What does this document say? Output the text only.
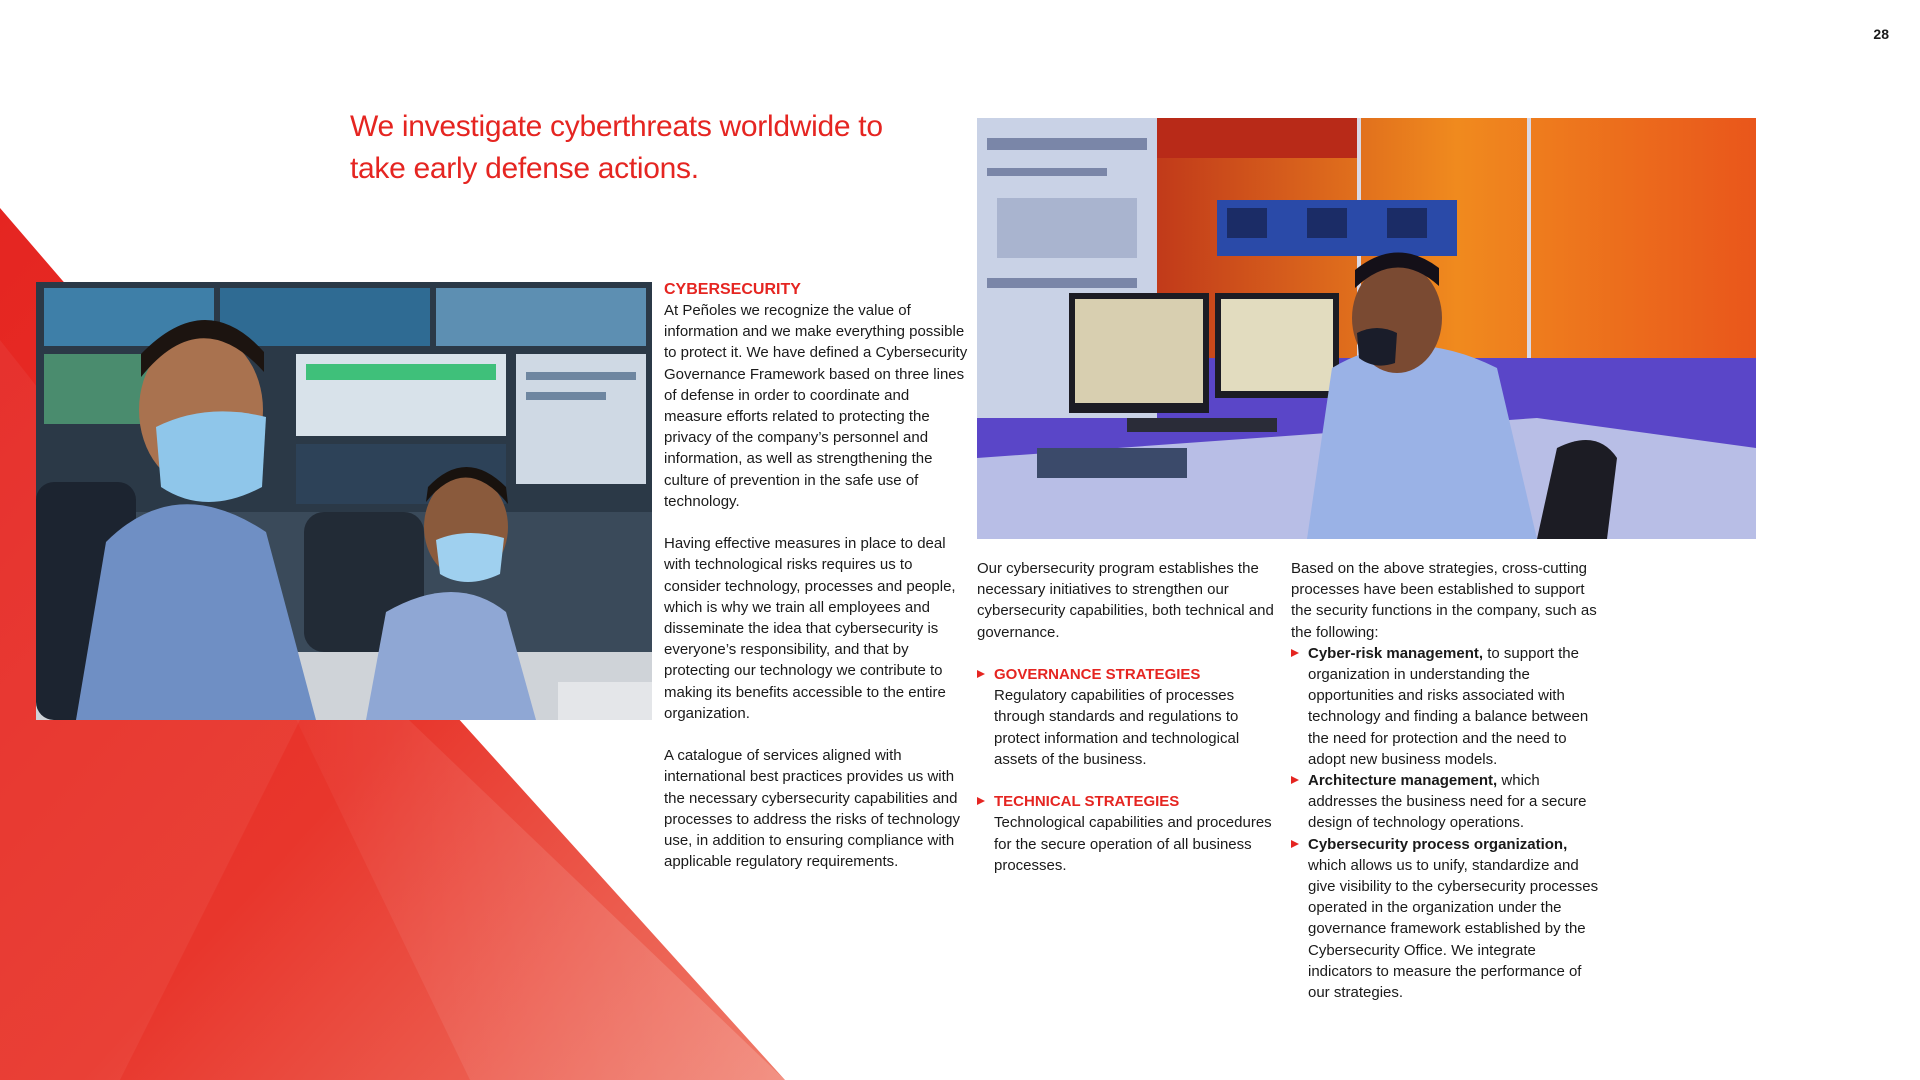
28
We investigate cyberthreats worldwide to take early defense actions.
CYBERSECURITY

At Peñoles we recognize the value of information and we make everything possible to protect it. We have defined a Cybersecurity Governance Framework based on three lines of defense in order to coordinate and measure efforts related to protecting the privacy of the company’s personnel and information, as well as strengthening the culture of prevention in the safe use of technology.

Having effective measures in place to deal with technological risks requires us to consider technology, processes and people, which is why we train all employees and disseminate the idea that cybersecurity is everyone’s responsibility, and that by protecting our technology we contribute to making its benefits accessible to the entire organization.

A catalogue of services aligned with international best practices provides us with the necessary cybersecurity capabilities and processes to address the risks of technology use, in addition to ensuring compliance with applicable regulatory requirements.

Our cybersecurity program establishes the necessary initiatives to strengthen our cybersecurity capabilities, both technical and governance.

GOVERNANCE STRATEGIES
Regulatory capabilities of processes through standards and regulations to protect information and technological assets of the business.
TECHNICAL STRATEGIES
Technological capabilities and procedures for the secure operation of all business processes.
Based on the above strategies, cross-cutting processes have been established to support the security functions in the company, such as the following:
Cyber-risk management, to support the organization in understanding the opportunities and risks associated with technology and finding a balance between the need for protection and the need to adopt new business models.
Architecture management, which addresses the business need for a secure design of technology operations.
Cybersecurity process organization, which allows us to unify, standardize and give visibility to the cybersecurity processes operated in the organization under the governance framework established by the Cybersecurity Office. We integrate indicators to measure the performance of our strategies.
